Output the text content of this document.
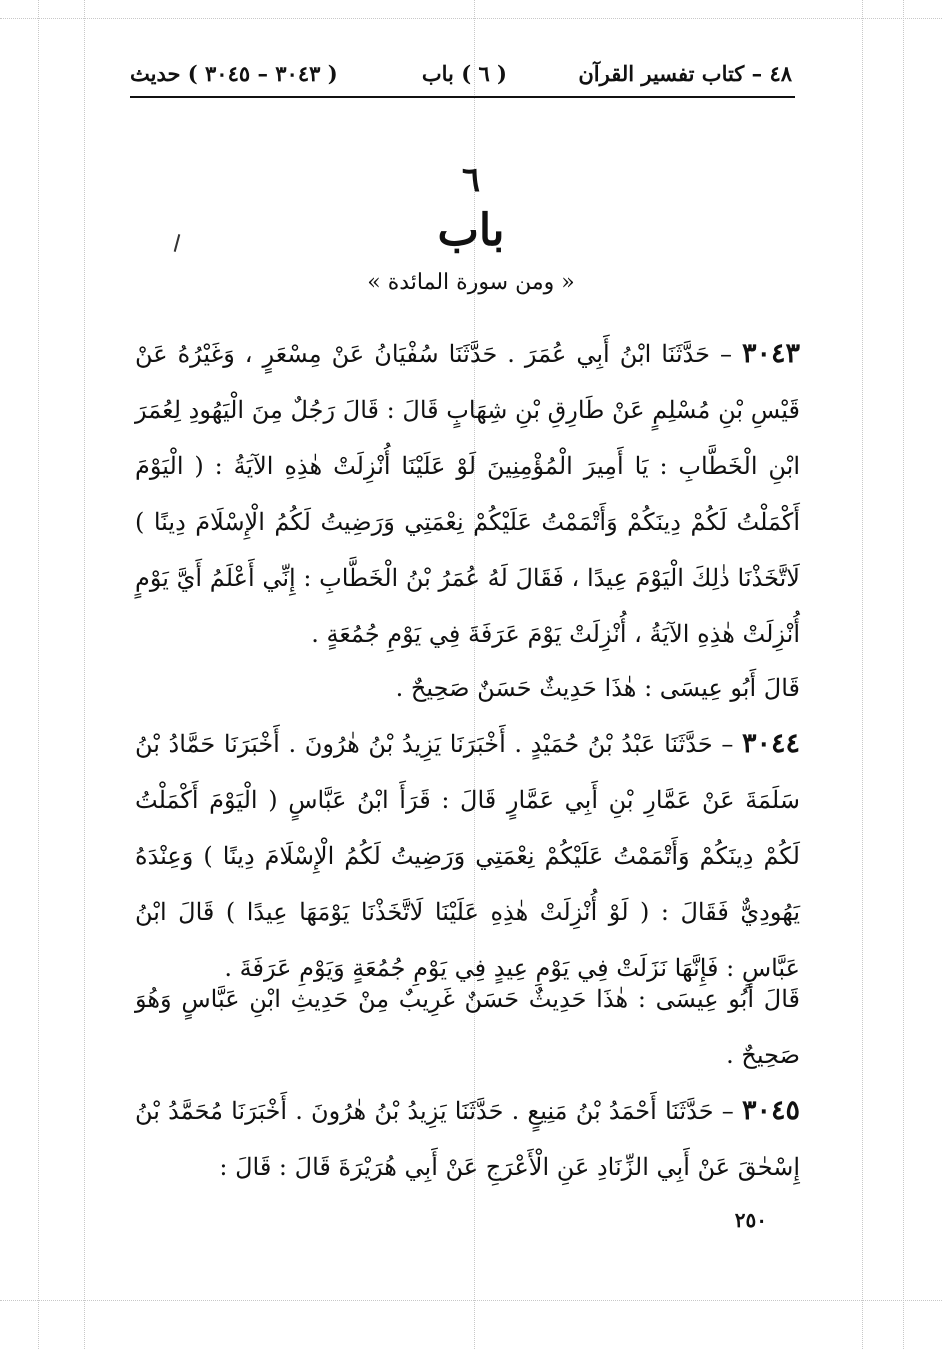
٤٨ – كتاب تفسير القرآن
( ٦ ) باب
( ٣٠٤٣ – ٣٠٤٥ ) حديث
٦
باب
« ومن سورة المائدة »
٣٠٤٣ – حَدَّثَنَا ابْنُ أَبِي عُمَرَ . حَدَّثَنَا سُفْيَانُ عَنْ مِسْعَرٍ ، وَغَيْرُهُ عَنْ قَيْسِ بْنِ مُسْلِمٍ عَنْ طَارِقِ بْنِ شِهَابٍ قَالَ : قَالَ رَجُلٌ مِنَ الْيَهُودِ لِعُمَرَ ابْنِ الْخَطَّابِ : يَا أَمِيرَ الْمُؤْمِنِينَ لَوْ عَلَيْنَا أُنْزِلَتْ هٰذِهِ الآيَةُ : ( الْيَوْمَ أَكْمَلْتُ لَكُمْ دِينَكُمْ وَأَتْمَمْتُ عَلَيْكُمْ نِعْمَتِي وَرَضِيتُ لَكُمُ الْإِسْلَامَ دِينًا ) لَاتَّخَذْنَا ذٰلِكَ الْيَوْمَ عِيدًا ، فَقَالَ لَهُ عُمَرُ بْنُ الْخَطَّابِ : إِنِّي أَعْلَمُ أَيَّ يَوْمٍ أُنْزِلَتْ هٰذِهِ الآيَةُ ، أُنْزِلَتْ يَوْمَ عَرَفَةَ فِي يَوْمِ جُمُعَةٍ .
قَالَ أَبُو عِيسَى : هٰذَا حَدِيثٌ حَسَنٌ صَحِيحٌ .
٣٠٤٤ – حَدَّثَنَا عَبْدُ بْنُ حُمَيْدٍ . أَخْبَرَنَا يَزِيدُ بْنُ هٰرُونَ . أَخْبَرَنَا حَمَّادُ بْنُ سَلَمَةَ عَنْ عَمَّارِ بْنِ أَبِي عَمَّارٍ قَالَ : قَرَأَ ابْنُ عَبَّاسٍ ( الْيَوْمَ أَكْمَلْتُ لَكُمْ دِينَكُمْ وَأَتْمَمْتُ عَلَيْكُمْ نِعْمَتِي وَرَضِيتُ لَكُمُ الْإِسْلَامَ دِينًا ) وَعِنْدَهُ يَهُودِيٌّ فَقَالَ : ( لَوْ أُنْزِلَتْ هٰذِهِ عَلَيْنَا لَاتَّخَذْنَا يَوْمَهَا عِيدًا ) قَالَ ابْنُ عَبَّاسٍ : فَإِنَّهَا نَزَلَتْ فِي يَوْمِ عِيدٍ فِي يَوْمِ جُمُعَةٍ وَيَوْمِ عَرَفَةَ .
قَالَ أَبُو عِيسَى : هٰذَا حَدِيثٌ حَسَنٌ غَرِيبٌ مِنْ حَدِيثِ ابْنِ عَبَّاسٍ وَهُوَ صَحِيحٌ .
٣٠٤٥ – حَدَّثَنَا أَحْمَدُ بْنُ مَنِيعٍ . حَدَّثَنَا يَزِيدُ بْنُ هٰرُونَ . أَخْبَرَنَا مُحَمَّدُ بْنُ إِسْحٰقَ عَنْ أَبِي الزِّنَادِ عَنِ الْأَعْرَجِ عَنْ أَبِي هُرَيْرَةَ قَالَ : قَالَ :
٢٥٠
